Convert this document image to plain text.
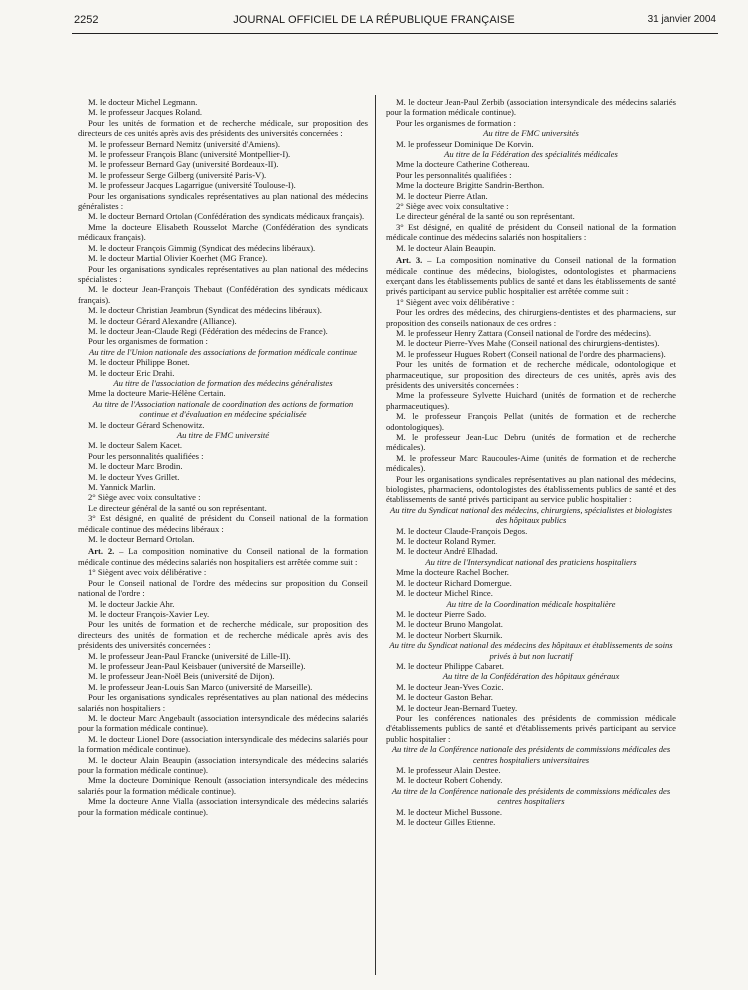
2252	JOURNAL OFFICIEL DE LA RÉPUBLIQUE FRANÇAISE	31 janvier 2004

M. le docteur Michel Legmann.

M. le professeur Jacques Roland.

Pour les unités de formation et de recherche médicale, sur proposition des directeurs de ces unités après avis des présidents des universités concernées :

M. le professeur Bernard Nemitz (université d'Amiens).

M. le professeur François Blanc (université Montpellier-I).

M. le professeur Bernard Gay (université Bordeaux-II).

M. le professeur Serge Gilberg (université Paris-V).

M. le professeur Jacques Lagarrigue (université Toulouse-I).

Pour les organisations syndicales représentatives au plan national des médecins généralistes :

M. le docteur Bernard Ortolan (Confédération des syndicats médicaux français).

Mme la docteure Elisabeth Rousselot Marche (Confédération des syndicats médicaux français).

M. le docteur François Gimmig (Syndicat des médecins libéraux).

M. le docteur Martial Olivier Koerhet (MG France).

Pour les organisations syndicales représentatives au plan national des médecins spécialistes :

M. le docteur Jean-François Thebaut (Confédération des syndicats médicaux français).

M. le docteur Christian Jeambrun (Syndicat des médecins libéraux).

M. le docteur Gérard Alexandre (Alliance).

M. le docteur Jean-Claude Regi (Fédération des médecins de France).

Pour les organismes de formation :

Au titre de l'Union nationale des associations de formation médicale continue

M. le docteur Philippe Bonet.

M. le docteur Eric Drahi.

Au titre de l'association de formation des médecins généralistes

Mme la docteure Marie-Hélène Certain.

Au titre de l'Association nationale de coordination des actions de formation continue et d'évaluation en médecine spécialisée

M. le docteur Gérard Schenowitz.

Au titre de FMC université

M. le docteur Salem Kacet.

Pour les personnalités qualifiées :

M. le docteur Marc Brodin.

M. le docteur Yves Grillet.

M. Yannick Marlin.

2° Siège avec voix consultative :

Le directeur général de la santé ou son représentant.

3° Est désigné, en qualité de président du Conseil national de la formation médicale continue des médecins libéraux :

M. le docteur Bernard Ortolan.

Art. 2. – La composition nominative du Conseil national de la formation médicale continue des médecins salariés non hospitaliers est arrêtée comme suit :

1° Siègent avec voix délibérative :

Pour le Conseil national de l'ordre des médecins sur proposition du Conseil national de l'ordre :

M. le docteur Jackie Ahr.

M. le docteur François-Xavier Ley.

Pour les unités de formation et de recherche médicale, sur proposition des directeurs des unités de formation et de recherche médicale après avis des présidents des universités concernées :

M. le professeur Jean-Paul Francke (université de Lille-II).

M. le professeur Jean-Paul Keisbauer (université de Marseille).

M. le professeur Jean-Noël Beis (université de Dijon).

M. le professeur Jean-Louis San Marco (université de Marseille).

Pour les organisations syndicales représentatives au plan national des médecins salariés non hospitaliers :

M. le docteur Marc Angebault (association intersyndicale des médecins salariés pour la formation médicale continue).

M. le docteur Lionel Dore (association intersyndicale des médecins salariés pour la formation médicale continue).

M. le docteur Alain Beaupin (association intersyndicale des médecins salariés pour la formation médicale continue).

Mme la docteure Dominique Renoult (association intersyndicale des médecins salariés pour la formation médicale continue).

Mme la docteure Anne Vialla (association intersyndicale des médecins salariés pour la formation médicale continue).

M. le docteur Jean-Paul Zerbib (association intersyndicale des médecins salariés pour la formation médicale continue).

Pour les organismes de formation :

Au titre de FMC universités

M. le professeur Dominique De Korvin.

Au titre de la Fédération des spécialités médicales

Mme la docteure Catherine Cothereau.

Pour les personnalités qualifiées :

Mme la docteure Brigitte Sandrin-Berthon.

M. le docteur Pierre Atlan.

2° Siège avec voix consultative :

Le directeur général de la santé ou son représentant.

3° Est désigné, en qualité de président du Conseil national de la formation médicale continue des médecins salariés non hospitaliers :

M. le docteur Alain Beaupin.

Art. 3. – La composition nominative du Conseil national de la formation médicale continue des médecins, biologistes, odontologistes et pharmaciens exerçant dans les établissements publics de santé et dans les établissements de santé privés participant au service public hospitalier est arrêtée comme suit :

1° Siègent avec voix délibérative :

Pour les ordres des médecins, des chirurgiens-dentistes et des pharmaciens, sur proposition des conseils nationaux de ces ordres :

M. le professeur Henry Zattara (Conseil national de l'ordre des médecins).

M. le docteur Pierre-Yves Mahe (Conseil national des chirurgiens-dentistes).

M. le professeur Hugues Robert (Conseil national de l'ordre des pharmaciens).

Pour les unités de formation et de recherche médicale, odontologique et pharmaceutique, sur proposition des directeurs de ces unités, après avis des présidents des universités concernées :

Mme la professeure Sylvette Huichard (unités de formation et de recherche pharmaceutiques).

M. le professeur François Pellat (unités de formation et de recherche odontologiques).

M. le professeur Jean-Luc Debru (unités de formation et de recherche médicales).

M. le professeur Marc Raucoules-Aime (unités de formation et de recherche médicales).

Pour les organisations syndicales représentatives au plan national des médecins, biologistes, pharmaciens, odontologistes des établissements publics de santé et des établissements de santé privés participant au service public hospitalier :

Au titre du Syndicat national des médecins, chirurgiens, spécialistes et biologistes des hôpitaux publics

M. le docteur Claude-François Degos.

M. le docteur Roland Rymer.

M. le docteur André Elhadad.

Au titre de l'Intersyndicat national des praticiens hospitaliers

Mme la docteure Rachel Bocher.

M. le docteur Richard Domergue.

M. le docteur Michel Rince.

Au titre de la Coordination médicale hospitalière

M. le docteur Pierre Sado.

M. le docteur Bruno Mangolat.

M. le docteur Norbert Skurnik.

Au titre du Syndicat national des médecins des hôpitaux et établissements de soins privés à but non lucratif

M. le docteur Philippe Cabaret.

Au titre de la Confédération des hôpitaux généraux

M. le docteur Jean-Yves Cozic.

M. le docteur Gaston Behar.

M. le docteur Jean-Bernard Tuetey.

Pour les conférences nationales des présidents de commission médicale d'établissements publics de santé et d'établissements privés participant au service public hospitalier :

Au titre de la Conférence nationale des présidents de commissions médicales des centres hospitaliers universitaires

M. le professeur Alain Destee.

M. le docteur Robert Cohendy.

Au titre de la Conférence nationale des présidents de commissions médicales des centres hospitaliers

M. le docteur Michel Bussone.

M. le docteur Gilles Etienne.
